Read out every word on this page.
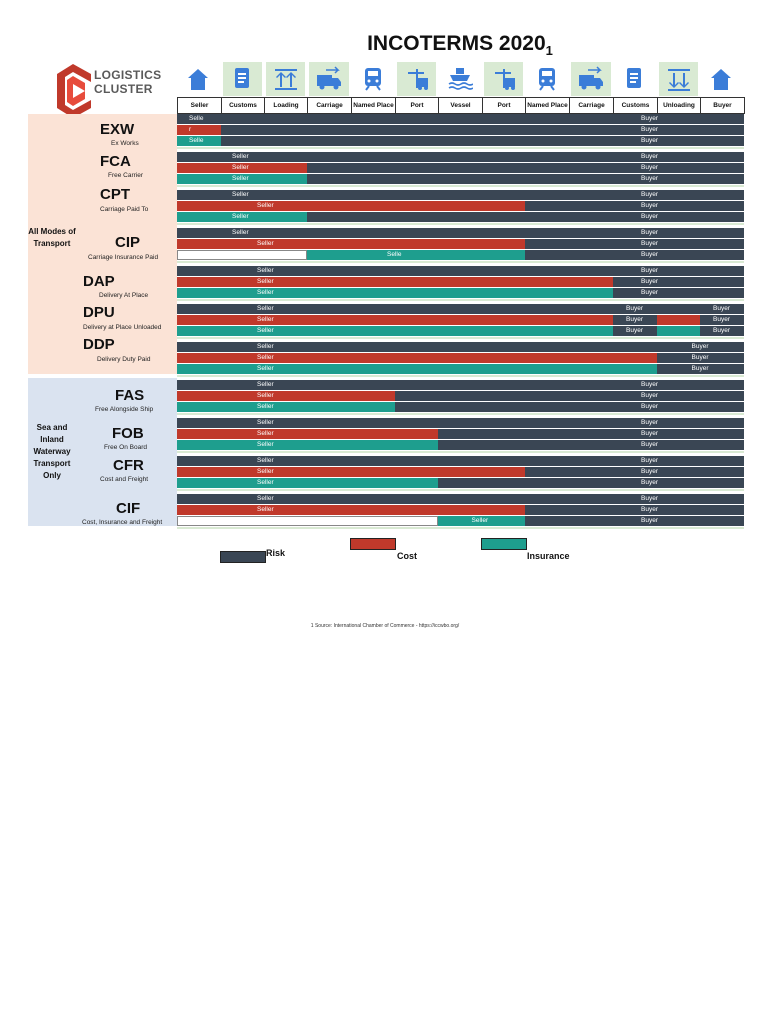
INCOTERMS $2020_1$
LOGISTICS
CLUSTER
Seller	Customs	Loading	Carriage	Named Place	Port	Vessel	Port	Named Place	Carriage	Customs	Unloading	Buyer
All Modes of Transport
Sea and Inland Waterway Transport Only
EXW
Ex Works
Selle	Buyer
r	Buyer
Selle	Buyer
FCA
Free Carrier
Seller	Buyer
Seller	Buyer
Seller	Buyer
CPT
Carriage Paid To
Seller	Buyer
Seller	Buyer
Seller	Buyer
CIP
Carriage Insurance Paid
Seller	Buyer
Seller	Buyer
Selle	Buyer
DAP
Delivery At Place
Seller	Buyer
Seller	Buyer
Seller	Buyer
DPU
Delivery at Place Unloaded
Seller	Buyer	Buyer
Seller	Buyer	Buyer
Seller	Buyer	Buyer
DDP
Delivery Duty Paid
Seller	Buyer
Seller	Buyer
Seller	Buyer
FAS
Free Alongside Ship
Seller	Buyer
Seller	Buyer
Seller	Buyer
FOB
Free On Board
Seller	Buyer
Seller	Buyer
Seller	Buyer
CFR
Cost and Freight
Seller	Buyer
Seller	Buyer
Seller	Buyer
CIF
Cost, Insurance and Freight
Seller	Buyer
Seller	Buyer
Seller	Buyer
Risk	Cost	Insurance
1 Source: International Chamber of Commerce - https://iccwbo.org/
